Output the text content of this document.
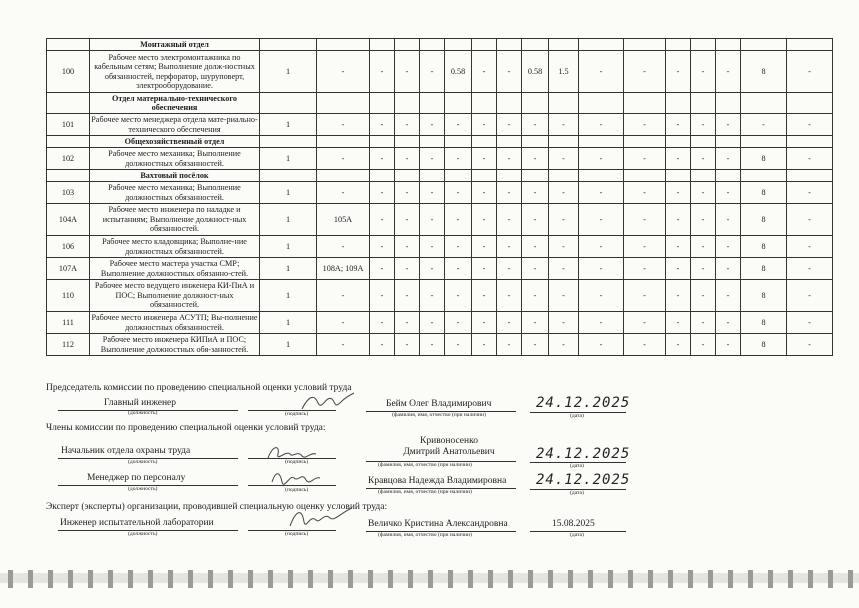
	Монтажный отдел																	
100	Рабочее место электромонтажника по кабельным сетям; Выполнение долж-ностных обязанностей, перфоратор, шуруповерт, электрооборудование.	1	-	-	-	-	0.58	-	-	0.58	1.5	-	-	-	-	-	8	-
	Отдел материально-технического обеспечения																	
101	Рабочее место менеджера отдела мате-риально-технического обеспечения	1	-	-	-	-	-	-	-	-	-	-	-	-	-	-	-	-
	Общехозяйственный отдел																	
102	Рабочее место механика; Выполнение должностных обязанностей.	1	-	-	-	-	-	-	-	-	-	-	-	-	-	-	8	-
	Вахтовый посёлок																	
103	Рабочее место механика; Выполнение должностных обязанностей.	1	-	-	-	-	-	-	-	-	-	-	-	-	-	-	8	-
104А	Рабочее место инженера по наладке и испытаниям; Выполнение должност-ных обязанностей.	1	105А	-	-	-	-	-	-	-	-	-	-	-	-	-	8	-
106	Рабочее место кладовщика; Выполне-ние должностных обязанностей.	1	-	-	-	-	-	-	-	-	-	-	-	-	-	-	8	-
107А	Рабочее место мастера участка СМР; Выполнение должностных обязанно-стей.	1	108А; 109А	-	-	-	-	-	-	-	-	-	-	-	-	-	8	-
110	Рабочее место ведущего инженера КИ-ПиА и ПОС; Выполнение должност-ных обязанностей.	1	-	-	-	-	-	-	-	-	-	-	-	-	-	-	8	-
111	Рабочее место инженера АСУТП; Вы-полнение должностных обязанностей.	1	-	-	-	-	-	-	-	-	-	-	-	-	-	-	8	-
112	Рабочее место инженера КИПиА и ПОС; Выполнение должностных обя-занностей.	1	-	-	-	-	-	-	-	-	-	-	-	-	-	-	8	-
Председатель комиссии по проведению специальной оценки условий труда
Главный инженер
(должность)	(подпись)
Бейм Олег Владимирович
(фамилия, имя, отчество (при наличии)
24.12.2025
(дата)
Члены комиссии по проведению специальной оценки условий труда:
Начальник отдела охраны труда
(должность)	(подпись)
Кривоносенко Дмитрий Анатольевич
(фамилия, имя, отчество (при наличии)
24.12.2025
(дата)
Менеджер по персоналу
(должность)	(подпись)
Кравцова Надежда Владимировна
(фамилия, имя, отчество (при наличии)
24.12.2025
(дата)
Эксперт (эксперты) организации, проводившей специальную оценку условий труда:
Инженер испытательной лаборатории
(должность)	(подпись)
Величко Кристина Александровна
(фамилия, имя, отчество (при наличии)
15.08.2025
(дата)
